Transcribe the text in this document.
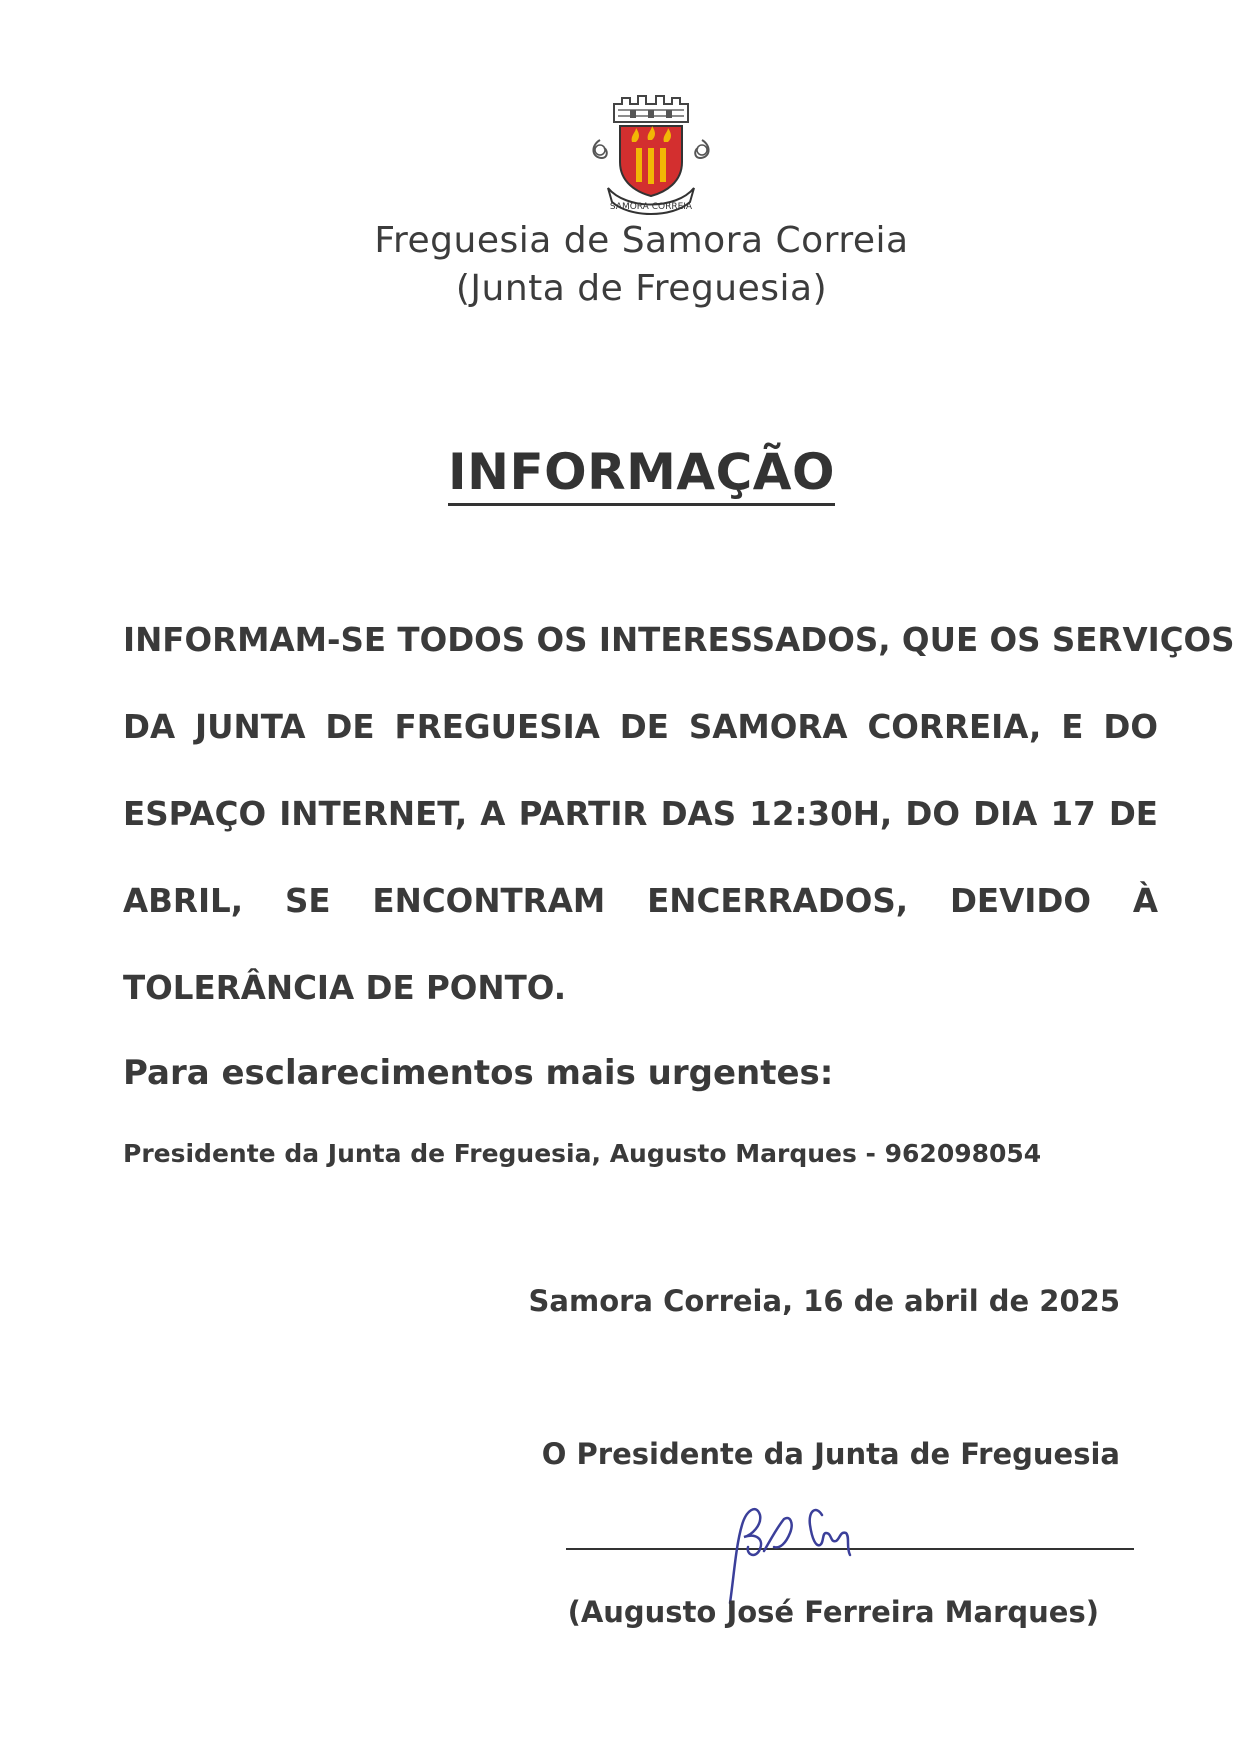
SAMORA CORREIA
Freguesia de Samora Correia
(Junta de Freguesia)
INFORMAÇÃO
INFORMAM-SE TODOS OS INTERESSADOS, QUE OS SERVIÇOS
DA JUNTA DE FREGUESIA DE SAMORA CORREIA, E DO
ESPAÇO INTERNET, A PARTIR DAS 12:30H, DO DIA 17 DE
ABRIL, SE ENCONTRAM ENCERRADOS, DEVIDO À
TOLERÂNCIA DE PONTO.
Para esclarecimentos mais urgentes:
Presidente da Junta de Freguesia, Augusto Marques - 962098054
Samora Correia, 16 de abril de 2025
O Presidente da Junta de Freguesia
(Augusto José Ferreira Marques)
